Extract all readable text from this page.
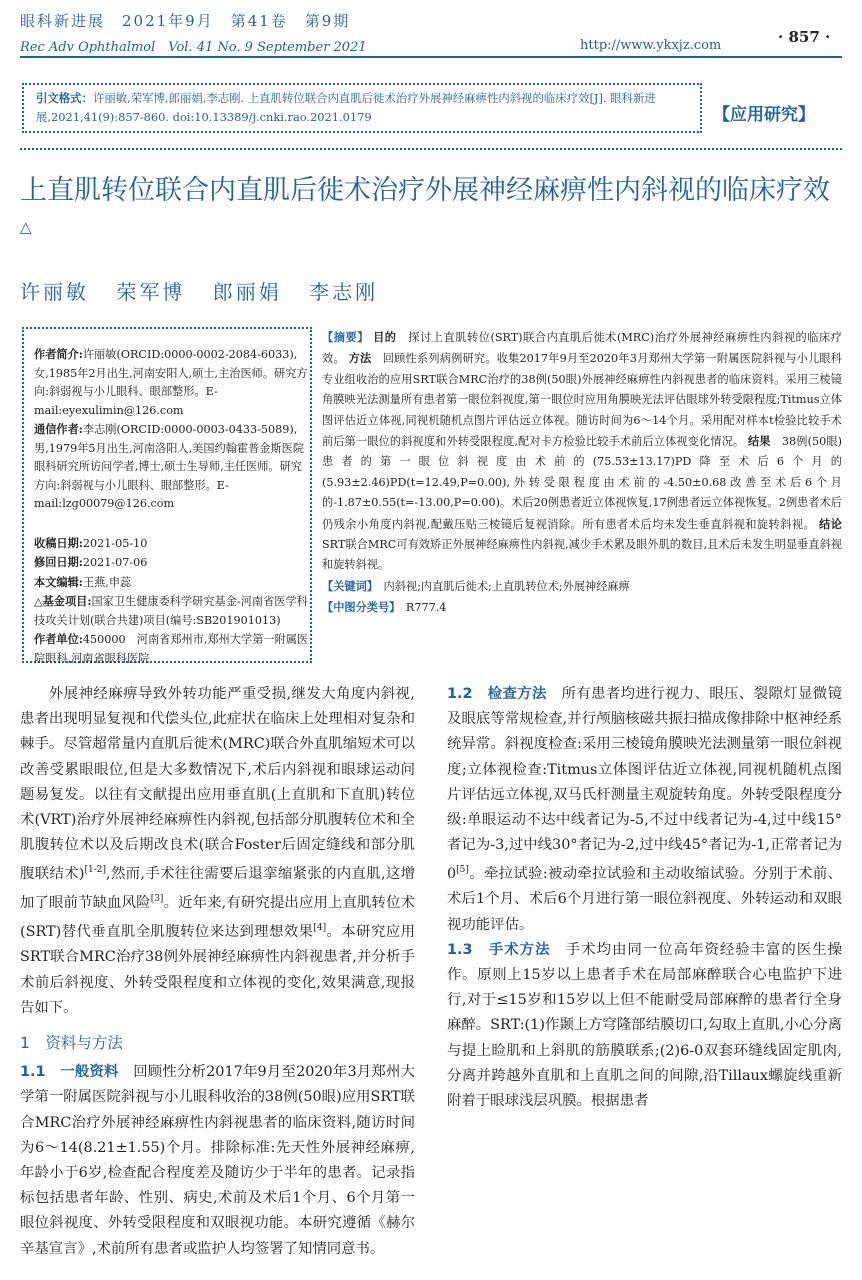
眼科新进展　2021年9月　第41卷　第9期
Rec Adv Ophthalmol　Vol. 41 No. 9 September 2021	http://www.ykxjz.com	· 857 ·
引文格式：许丽敏,荣军博,郎丽娟,李志刚. 上直肌转位联合内直肌后徙术治疗外展神经麻痹性内斜视的临床疗效[J]. 眼科新进展,2021,41(9):857-860. doi:10.13389/j.cnki.rao.2021.0179	【应用研究】
上直肌转位联合内直肌后徙术治疗外展神经麻痹性内斜视的临床疗效△
许丽敏 荣军博 郎丽娟 李志刚
作者简介:许丽敏(ORCID:0000-0002-2084-6033),女,1985年2月出生,河南安阳人,硕士,主治医师。研究方向:斜弱视与小儿眼科、眼部整形。E-mail:eyexulimin@126.com
通信作者:李志刚(ORCID:0000-0003-0433-5089),男,1979年5月出生,河南洛阳人,美国约翰霍普金斯医院眼科研究所访问学者,博士,硕士生导师,主任医师。研究方向:斜弱视与小儿眼科、眼部整形。E-mail:lzg00079@126.com
收稿日期:2021-05-10
修回日期:2021-07-06
本文编辑:王燕,申蕊
△基金项目:国家卫生健康委科学研究基金-河南省医学科技攻关计划(联合共建)项目(编号:SB201901013)
作者单位:450000　河南省郑州市,郑州大学第一附属医院眼科,河南省眼科医院

【摘要】 目的　 探讨上直肌转位(SRT)联合内直肌后徙术(MRC)治疗外展神经麻痹性内斜视的临床疗效。 方法　 回顾性系列病例研究。收集2017年9月至2020年3月郑州大学第一附属医院斜视与小儿眼科专业组收治的应用SRT联合MRC治疗的38例(50眼)外展神经麻痹性内斜视患者的临床资料。采用三棱镜角膜映光法测量所有患者第一眼位斜视度,第一眼位时应用角膜映光法评估眼球外转受限程度;Titmus立体图评估近立体视,同视机随机点图片评估远立体视。随访时间为6～14个月。采用配对样本t检验比较手术前后第一眼位的斜视度和外转受限程度,配对卡方检验比较手术前后立体视变化情况。 结果　 38例(50眼)患者的第一眼位斜视度由术前的(75.53±13.17)PD降至术后6个月的(5.93±2.46)PD(t=12.49,P=0.00),外转受限程度由术前的-4.50±0.68改善至术后6个月的-1.87±0.55(t=-13.00,P=0.00)。术后20例患者近立体视恢复,17例患者远立体视恢复。2例患者术后仍残余小角度内斜视,配戴压贴三棱镜后复视消除。所有患者术后均未发生垂直斜视和旋转斜视。 结论　SRT联合MRC可有效矫正外展神经麻痹性内斜视,减少手术累及眼外肌的数目,且术后未发生明显垂直斜视和旋转斜视。

【关键词】　 内斜视;内直肌后徙术;上直肌转位术;外展神经麻痹

【中图分类号】　 R777.4

外展神经麻痹导致外转功能严重受损,继发大角度内斜视,患者出现明显复视和代偿头位,此症状在临床上处理相对复杂和棘手。尽管超常量内直肌后徙术(MRC)联合外直肌缩短术可以改善受累眼眼位,但是大多数情况下,术后内斜视和眼球运动问题易复发。以往有文献提出应用垂直肌(上直肌和下直肌)转位术(VRT)治疗外展神经麻痹性内斜视,包括部分肌腹转位术和全肌腹转位术以及后期改良术(联合Foster后固定缝线和部分肌腹联结术)[1-2],然而,手术往往需要后退挛缩紧张的内直肌,这增加了眼前节缺血风险[3]。近年来,有研究提出应用上直肌转位术(SRT)替代垂直肌全肌腹转位来达到理想效果[4]。本研究应用SRT联合MRC治疗38例外展神经麻痹性内斜视患者,并分析手术前后斜视度、外转受限程度和立体视的变化,效果满意,现报告如下。

1　资料与方法

1.1　一般资料　 回顾性分析2017年9月至2020年3月郑州大学第一附属医院斜视与小儿眼科收治的38例(50眼)应用SRT联合MRC治疗外展神经麻痹性内斜视患者的临床资料,随访时间为6～14(8.21±1.55)个月。排除标准:先天性外展神经麻痹,年龄小于6岁,检查配合程度差及随访少于半年的患者。记录指标包括患者年龄、性别、病史,术前及术后1个月、6个月第一眼位斜视度、外转受限程度和双眼视功能。本研究遵循《赫尔辛基宣言》,术前所有患者或监护人均签署了知情同意书。

1.2　检查方法　 所有患者均进行视力、眼压、裂隙灯显微镜及眼底等常规检查,并行颅脑核磁共振扫描成像排除中枢神经系统异常。斜视度检查:采用三棱镜角膜映光法测量第一眼位斜视度;立体视检查:Titmus立体图评估近立体视,同视机随机点图片评估远立体视,双马氏杆测量主观旋转角度。外转受限程度分级:单眼运动不达中线者记为-5,不过中线者记为-4,过中线15°者记为-3,过中线30°者记为-2,过中线45°者记为-1,正常者记为0[5]。牵拉试验:被动牵拉试验和主动收缩试验。分别于术前、术后1个月、术后6个月进行第一眼位斜视度、外转运动和双眼视功能评估。

1.3　手术方法　 手术均由同一位高年资经验丰富的医生操作。原则上15岁以上患者手术在局部麻醉联合心电监护下进行,对于≤15岁和15岁以上但不能耐受局部麻醉的患者行全身麻醉。SRT:(1)作颞上方穹隆部结膜切口,勾取上直肌,小心分离与提上睑肌和上斜肌的筋膜联系;(2)6-0双套环缝线固定肌肉,分离并跨越外直肌和上直肌之间的间隙,沿Tillaux螺旋线重新附着于眼球浅层巩膜。根据患者
